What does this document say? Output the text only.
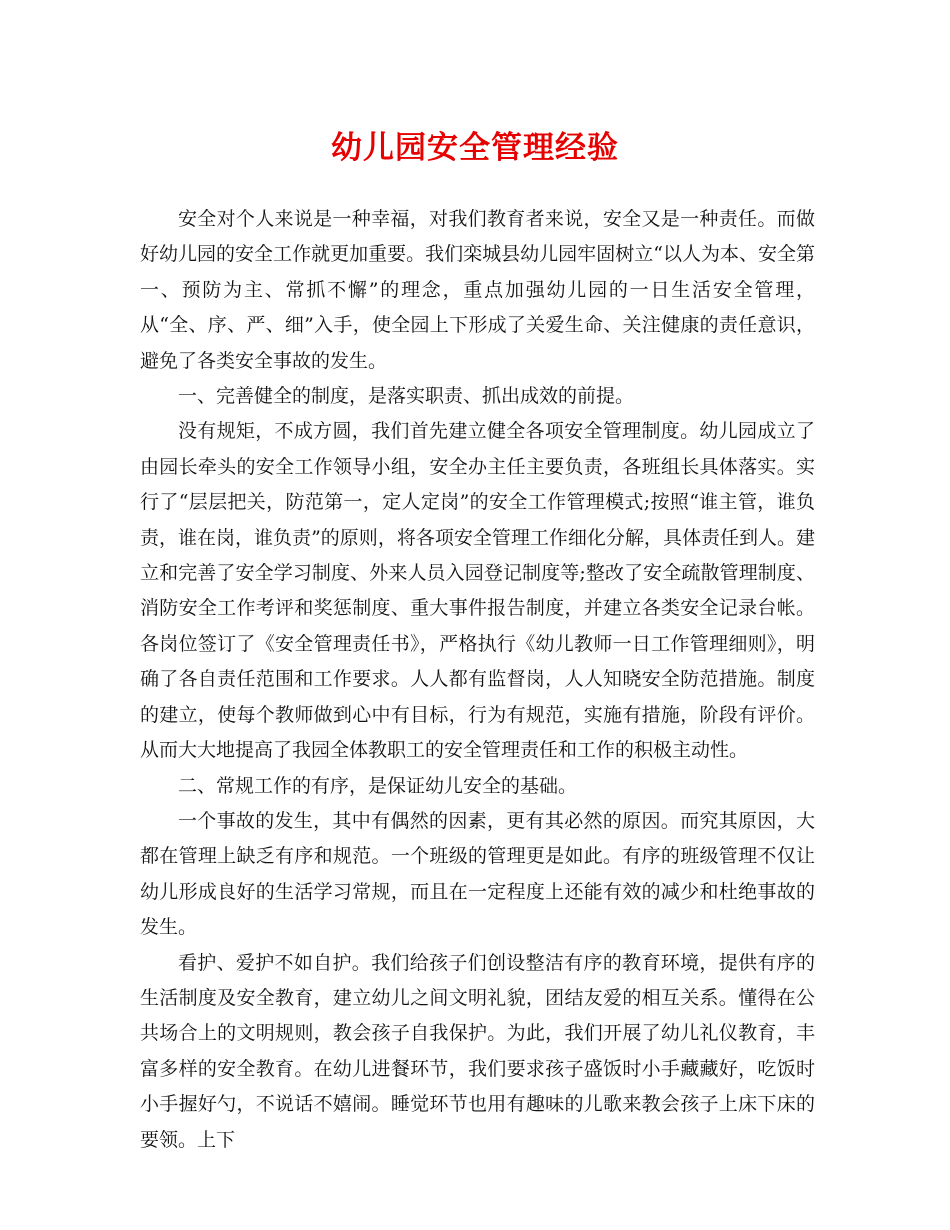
幼儿园安全管理经验

安全对个人来说是一种幸福，对我们教育者来说，安全又是一种责任。而做好幼儿园的安全工作就更加重要。我们栾城县幼儿园牢固树立“以人为本、安全第一、预防为主、常抓不懈”的理念，重点加强幼儿园的一日生活安全管理，从“全、序、严、细”入手，使全园上下形成了关爱生命、关注健康的责任意识，避免了各类安全事故的发生。

一、完善健全的制度，是落实职责、抓出成效的前提。

没有规矩，不成方圆，我们首先建立健全各项安全管理制度。幼儿园成立了由园长牵头的安全工作领导小组，安全办主任主要负责，各班组长具体落实。实行了“层层把关，防范第一，定人定岗”的安全工作管理模式;按照“谁主管，谁负责，谁在岗，谁负责”的原则，将各项安全管理工作细化分解，具体责任到人。建立和完善了安全学习制度、外来人员入园登记制度等;整改了安全疏散管理制度、消防安全工作考评和奖惩制度、重大事件报告制度，并建立各类安全记录台帐。各岗位签订了《安全管理责任书》，严格执行《幼儿教师一日工作管理细则》，明确了各自责任范围和工作要求。人人都有监督岗，人人知晓安全防范措施。制度的建立，使每个教师做到心中有目标，行为有规范，实施有措施，阶段有评价。从而大大地提高了我园全体教职工的安全管理责任和工作的积极主动性。

二、常规工作的有序，是保证幼儿安全的基础。

一个事故的发生，其中有偶然的因素，更有其必然的原因。而究其原因，大都在管理上缺乏有序和规范。一个班级的管理更是如此。有序的班级管理不仅让幼儿形成良好的生活学习常规，而且在一定程度上还能有效的减少和杜绝事故的发生。

看护、爱护不如自护。我们给孩子们创设整洁有序的教育环境，提供有序的生活制度及安全教育，建立幼儿之间文明礼貌，团结友爱的相互关系。懂得在公共场合上的文明规则，教会孩子自我保护。为此，我们开展了幼儿礼仪教育，丰富多样的安全教育。在幼儿进餐环节，我们要求孩子盛饭时小手藏藏好，吃饭时小手握好勺，不说话不嬉闹。睡觉环节也用有趣味的儿歌来教会孩子上床下床的要领。上下
